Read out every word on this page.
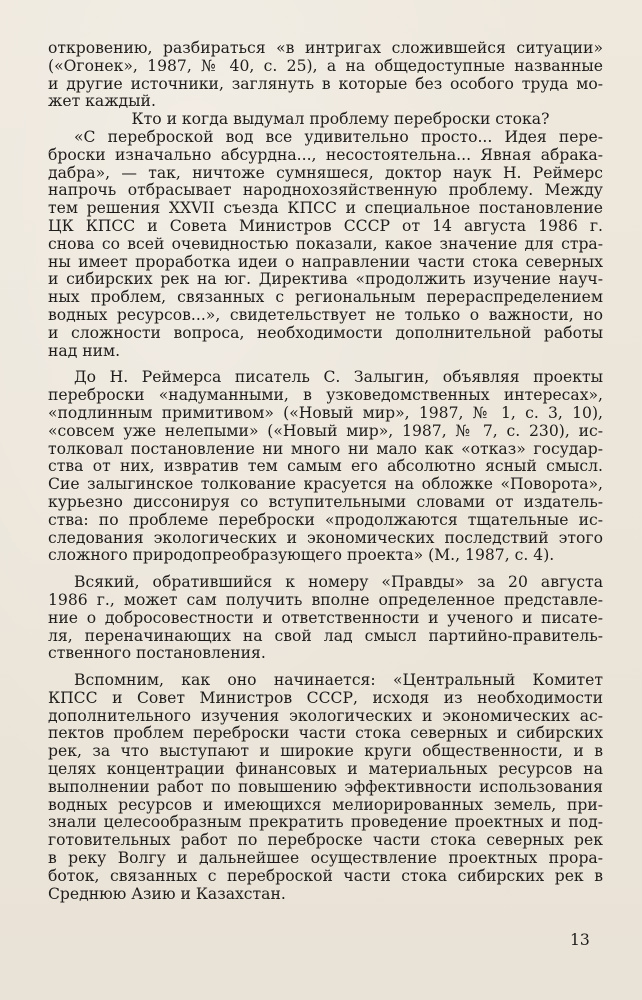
откровению, разбираться «в интригах сложившейся ситуации»
(«Огонек», 1987, № 40, с. 25), а на общедоступные названные
и другие источники, заглянуть в которые без особого труда мо-
жет каждый.
Кто и когда выдумал проблему переброски стока?
«С переброской вод все удивительно просто... Идея пере-
броски изначально абсурдна..., несостоятельна... Явная абрака-
дабра», — так, ничтоже сумняшеся, доктор наук Н. Реймерс
напрочь отбрасывает народнохозяйственную проблему. Между
тем решения XXVII съезда КПСС и специальное постановление
ЦК КПСС и Совета Министров СССР от 14 августа 1986 г.
снова со всей очевидностью показали, какое значение для стра-
ны имеет проработка идеи о направлении части стока северных
и сибирских рек на юг. Директива «продолжить изучение науч-
ных проблем, связанных с региональным перераспределением
водных ресурсов...», свидетельствует не только о важности, но
и сложности вопроса, необходимости дополнительной работы
над ним.
До Н. Реймерса писатель С. Залыгин, объявляя проекты
переброски «надуманными, в узковедомственных интересах»,
«подлинным примитивом» («Новый мир», 1987, № 1, с. 3, 10),
«совсем уже нелепыми» («Новый мир», 1987, № 7, с. 230), ис-
толковал постановление ни много ни мало как «отказ» государ-
ства от них, извратив тем самым его абсолютно ясный смысл.
Сие залыгинское толкование красуется на обложке «Поворота»,
курьезно диссонируя со вступительными словами от издатель-
ства: по проблеме переброски «продолжаются тщательные ис-
следования экологических и экономических последствий этого
сложного природопреобразующего проекта» (М., 1987, с. 4).
Всякий, обратившийся к номеру «Правды» за 20 августа
1986 г., может сам получить вполне определенное представле-
ние о добросовестности и ответственности и ученого и писате-
ля, переначинающих на свой лад смысл партийно-правитель-
ственного постановления.
Вспомним, как оно начинается: «Центральный Комитет
КПСС и Совет Министров СССР, исходя из необходимости
дополнительного изучения экологических и экономических ас-
пектов проблем переброски части стока северных и сибирских
рек, за что выступают и широкие круги общественности, и в
целях концентрации финансовых и материальных ресурсов на
выполнении работ по повышению эффективности использования
водных ресурсов и имеющихся мелиорированных земель, при-
знали целесообразным прекратить проведение проектных и под-
готовительных работ по переброске части стока северных рек
в реку Волгу и дальнейшее осуществление проектных прора-
боток, связанных с переброской части стока сибирских рек в
Среднюю Азию и Казахстан.
13
